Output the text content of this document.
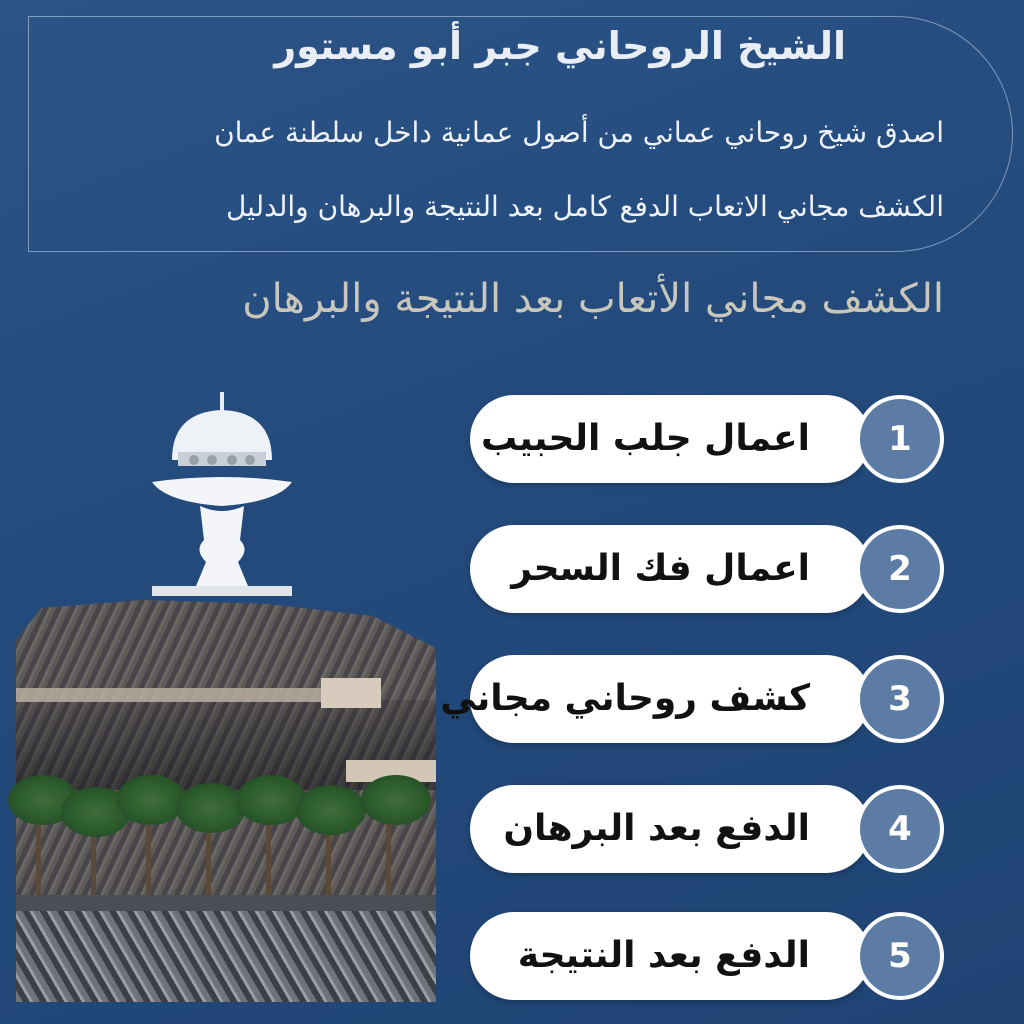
الشيخ الروحاني جبر أبو مستور
اصدق شيخ روحاني عماني من أصول عمانية داخل سلطنة عمان
الكشف مجاني الاتعاب الدفع كامل بعد النتيجة والبرهان والدليل
الكشف مجاني الأتعاب بعد النتيجة والبرهان
اعمال جلب الحبيب	1
اعمال فك السحر	2
كشف روحاني مجاني	3
الدفع بعد البرهان	4
الدفع بعد النتيجة	5
